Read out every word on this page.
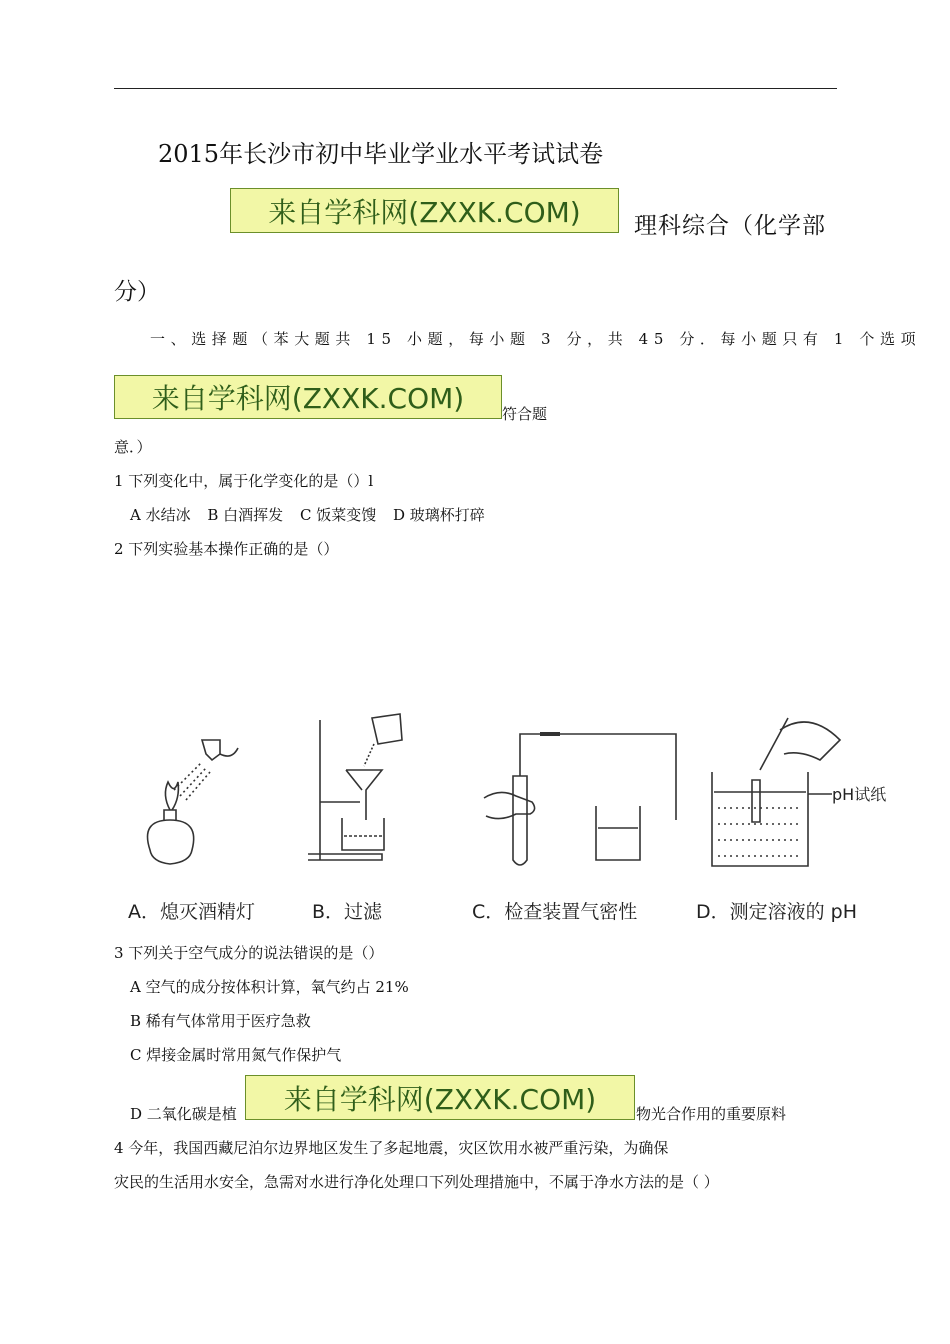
2015年长沙市初中毕业学业水平考试试卷
来自学科网(ZXXK.COM)	理科综合（化学部
分）
一、选择题（苯大题共 15 小题，每小题 3 分，共 45 分．每小题只有 1 个选项
来自学科网(ZXXK.COM)	符合题
意．）
1 下列变化中，属于化学变化的是（）l
A 水结冰 B 白酒挥发 C 饭菜变馊 D 玻璃杯打碎
2 下列实验基本操作正确的是（）
pH试纸
A．熄灭酒精灯	B．过滤	C．检查装置气密性	D．测定溶液的 pH
3 下列关于空气成分的说法错误的是（）
A 空气的成分按体积计算，氧气约占 21%
B 稀有气体常用于医疗急救
C 焊接金属时常用氮气作保护气
D 二氧化碳是植	来自学科网(ZXXK.COM)	物光合作用的重要原料
4 今年，我国西藏尼泊尔边界地区发生了多起地震，灾区饮用水被严重污染，为确保
灾民的生活用水安全，急需对水进行净化处理口下列处理措施中，不属于净水方法的是（ ）
